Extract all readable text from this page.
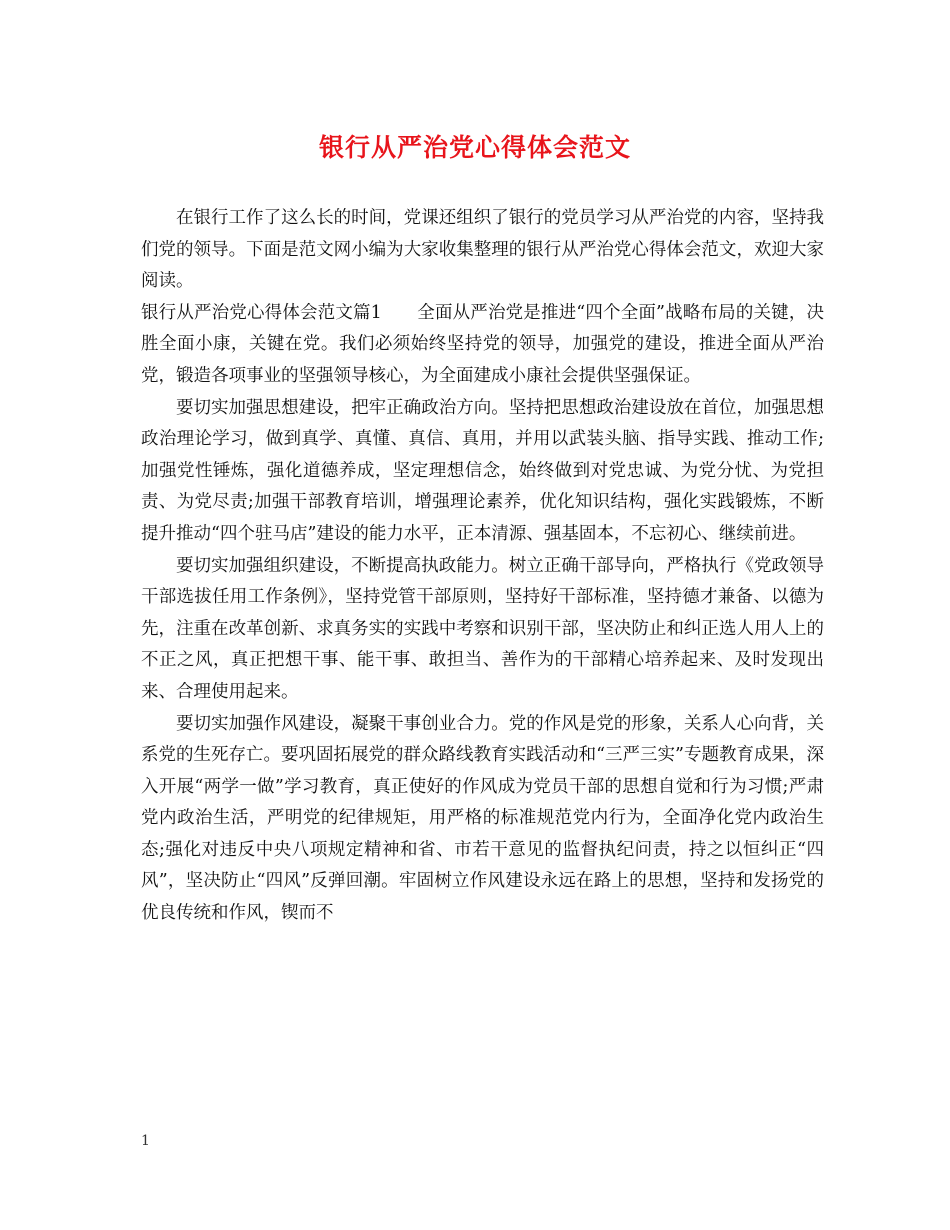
银行从严治党心得体会范文

在银行工作了这么长的时间，党课还组织了银行的党员学习从严治党的内容，坚持我们党的领导。下面是范文网小编为大家收集整理的银行从严治党心得体会范文，欢迎大家阅读。

银行从严治党心得体会范文篇1　　全面从严治党是推进“四个全面”战略布局的关键，决胜全面小康，关键在党。我们必须始终坚持党的领导，加强党的建设，推进全面从严治党，锻造各项事业的坚强领导核心，为全面建成小康社会提供坚强保证。

要切实加强思想建设，把牢正确政治方向。坚持把思想政治建设放在首位，加强思想政治理论学习，做到真学、真懂、真信、真用，并用以武装头脑、指导实践、推动工作;加强党性锤炼，强化道德养成，坚定理想信念，始终做到对党忠诚、为党分忧、为党担责、为党尽责;加强干部教育培训，增强理论素养，优化知识结构，强化实践锻炼，不断提升推动“四个驻马店”建设的能力水平，正本清源、强基固本，不忘初心、继续前进。

要切实加强组织建设，不断提高执政能力。树立正确干部导向，严格执行《党政领导干部选拔任用工作条例》，坚持党管干部原则，坚持好干部标准，坚持德才兼备、以德为先，注重在改革创新、求真务实的实践中考察和识别干部，坚决防止和纠正选人用人上的不正之风，真正把想干事、能干事、敢担当、善作为的干部精心培养起来、及时发现出来、合理使用起来。

要切实加强作风建设，凝聚干事创业合力。党的作风是党的形象，关系人心向背，关系党的生死存亡。要巩固拓展党的群众路线教育实践活动和“三严三实”专题教育成果，深入开展“两学一做”学习教育，真正使好的作风成为党员干部的思想自觉和行为习惯;严肃党内政治生活，严明党的纪律规矩，用严格的标准规范党内行为，全面净化党内政治生态;强化对违反中央八项规定精神和省、市若干意见的监督执纪问责，持之以恒纠正“四风”，坚决防止“四风”反弹回潮。牢固树立作风建设永远在路上的思想，坚持和发扬党的优良传统和作风，锲而不

1
